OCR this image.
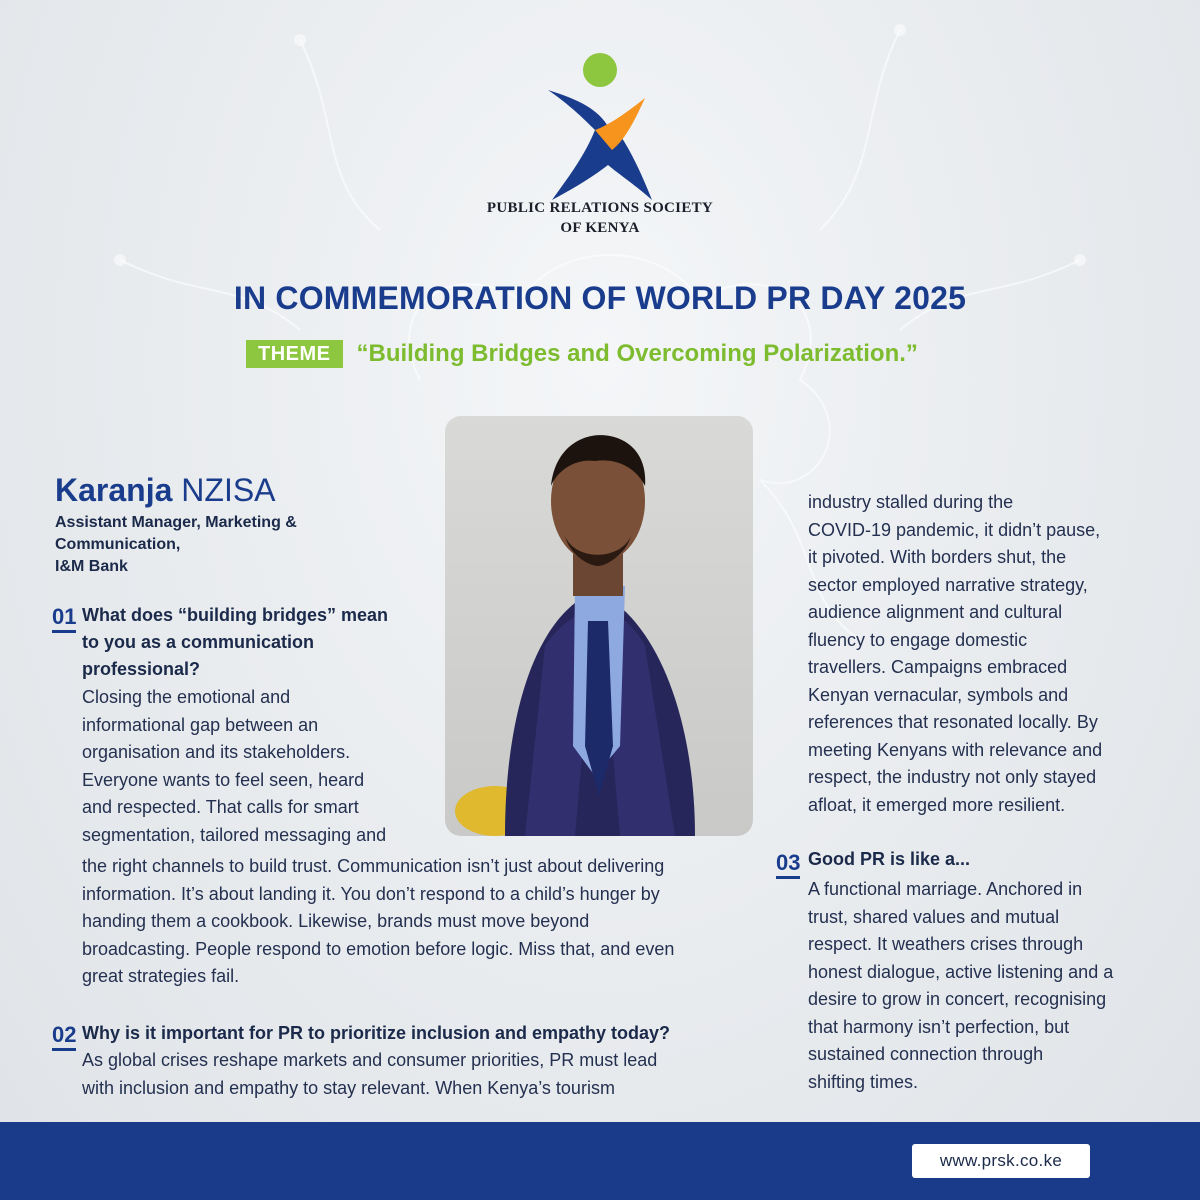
PUBLIC RELATIONS SOCIETY
OF KENYA
IN COMMEMORATION OF WORLD PR DAY 2025
THEME	“Building Bridges and Overcoming Polarization.”
Karanja NZISA
Assistant Manager, Marketing &
Communication,
I&M Bank
01 What does “building bridges” mean
to you as a communication
professional?
Closing the emotional and
informational gap between an
organisation and its stakeholders.
Everyone wants to feel seen, heard
and respected. That calls for smart
segmentation, tailored messaging and
the right channels to build trust. Communication isn’t just about delivering
information. It’s about landing it. You don’t respond to a child’s hunger by
handing them a cookbook. Likewise, brands must move beyond
broadcasting. People respond to emotion before logic. Miss that, and even
great strategies fail.
02 Why is it important for PR to prioritize inclusion and empathy today?
As global crises reshape markets and consumer priorities, PR must lead
with inclusion and empathy to stay relevant. When Kenya’s tourism
industry stalled during the
COVID-19 pandemic, it didn’t pause,
it pivoted. With borders shut, the
sector employed narrative strategy,
audience alignment and cultural
fluency to engage domestic
travellers. Campaigns embraced
Kenyan vernacular, symbols and
references that resonated locally. By
meeting Kenyans with relevance and
respect, the industry not only stayed
afloat, it emerged more resilient.
03 Good PR is like a...
A functional marriage. Anchored in
trust, shared values and mutual
respect. It weathers crises through
honest dialogue, active listening and a
desire to grow in concert, recognising
that harmony isn’t perfection, but
sustained connection through
shifting times.
www.prsk.co.ke
